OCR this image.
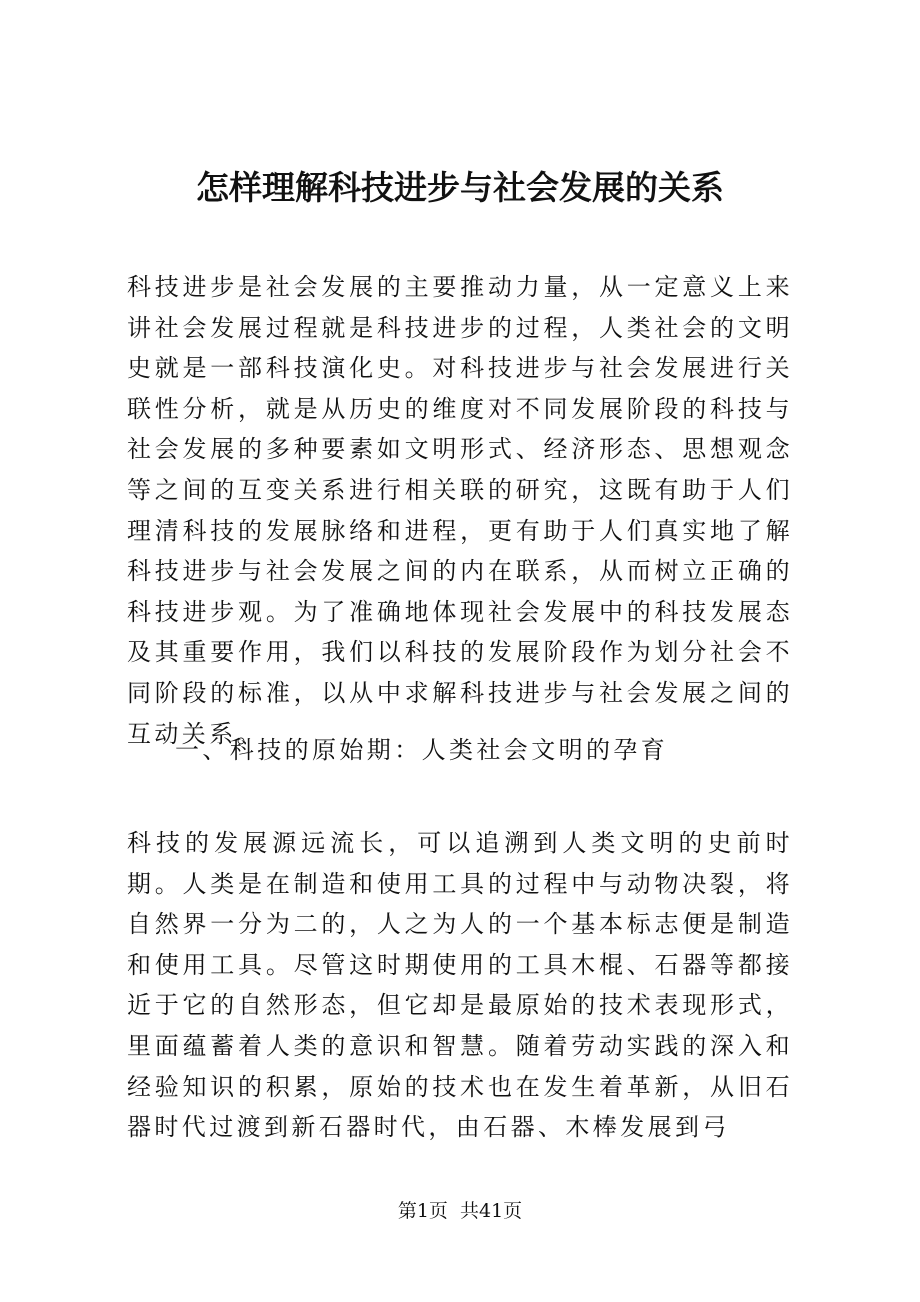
怎样理解科技进步与社会发展的关系

科技进步是社会发展的主要推动力量，从一定意义上来讲社会发展过程就是科技进步的过程，人类社会的文明史就是一部科技演化史。对科技进步与社会发展进行关联性分析，就是从历史的维度对不同发展阶段的科技与社会发展的多种要素如文明形式、经济形态、思想观念等之间的互变关系进行相关联的研究，这既有助于人们理清科技的发展脉络和进程，更有助于人们真实地了解科技进步与社会发展之间的内在联系，从而树立正确的科技进步观。为了准确地体现社会发展中的科技发展态及其重要作用，我们以科技的发展阶段作为划分社会不同阶段的标准，以从中求解科技进步与社会发展之间的互动关系。

一、科技的原始期：人类社会文明的孕育

科技的发展源远流长，可以追溯到人类文明的史前时期。人类是在制造和使用工具的过程中与动物决裂，将自然界一分为二的，人之为人的一个基本标志便是制造和使用工具。尽管这时期使用的工具木棍、石器等都接近于它的自然形态，但它却是最原始的技术表现形式，里面蕴蓄着人类的意识和智慧。随着劳动实践的深入和经验知识的积累，原始的技术也在发生着革新，从旧石器时代过渡到新石器时代，由石器、木棒发展到弓

第1页  共41页
